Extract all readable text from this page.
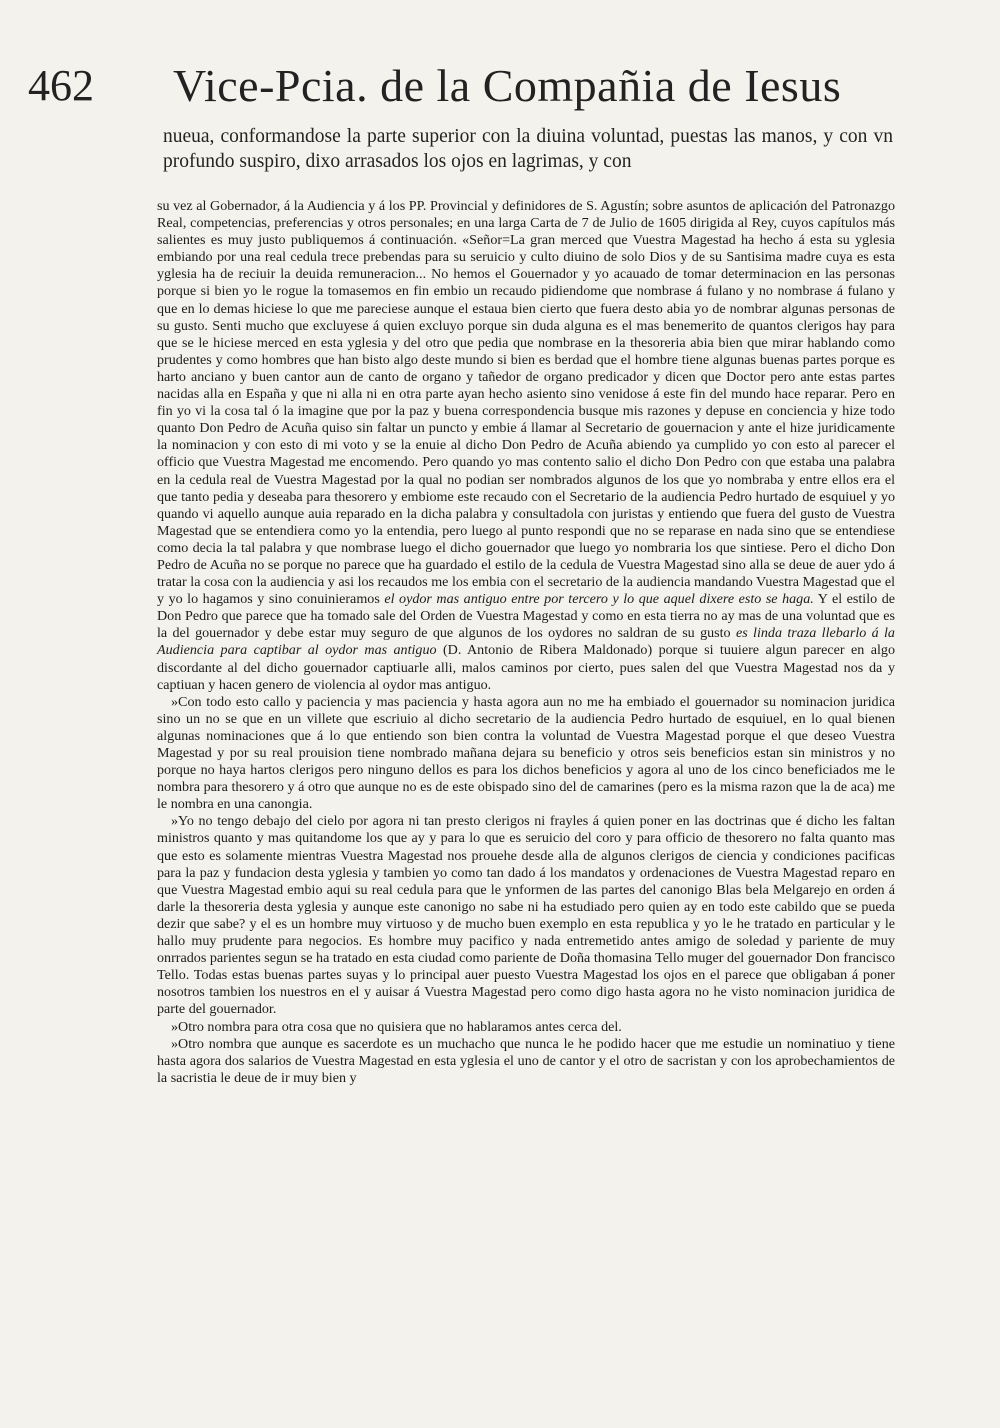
462 Vice-Pcia. de la Compañia de Iesus
nueua, conformandose la parte superior con la diuina voluntad, puestas las manos, y con vn profundo suspiro, dixo arrasados los ojos en lagrimas, y con

su vez al Gobernador, á la Audiencia y á los PP. Provincial y definidores de S. Agustín; sobre asuntos de aplicación del Patronazgo Real, competencias, preferencias y otros personales; en una larga Carta de 7 de Julio de 1605 dirigida al Rey, cuyos capítulos más salientes es muy justo publiquemos á continuación. «Señor=La gran merced que Vuestra Magestad ha hecho á esta su yglesia embiando por una real cedula trece prebendas para su seruicio y culto diuino de solo Dios y de su Santisima madre cuya es esta yglesia ha de reciuir la deuida remuneracion... No hemos el Gouernador y yo acauado de tomar determinacion en las personas porque si bien yo le rogue la tomasemos en fin embio un recaudo pidiendome que nombrase á fulano y no nombrase á fulano y que en lo demas hiciese lo que me pareciese aunque el estaua bien cierto que fuera desto abia yo de nombrar algunas personas de su gusto. Senti mucho que excluyese á quien excluyo porque sin duda alguna es el mas benemerito de quantos clerigos hay para que se le hiciese merced en esta yglesia y del otro que pedia que nombrase en la thesoreria abia bien que mirar hablando como prudentes y como hombres que han bisto algo deste mundo si bien es berdad que el hombre tiene algunas buenas partes porque es harto anciano y buen cantor aun de canto de organo y tañedor de organo predicador y dicen que Doctor pero ante estas partes nacidas alla en España y que ni alla ni en otra parte ayan hecho asiento sino venidose á este fin del mundo hace reparar. Pero en fin yo vi la cosa tal ó la imagine que por la paz y buena correspondencia busque mis razones y depuse en conciencia y hize todo quanto Don Pedro de Acuña quiso sin faltar un puncto y embie á llamar al Secretario de gouernacion y ante el hize juridicamente la nominacion y con esto di mi voto y se la enuie al dicho Don Pedro de Acuña abiendo ya cumplido yo con esto al parecer el officio que Vuestra Magestad me encomendo. Pero quando yo mas contento salio el dicho Don Pedro con que estaba una palabra en la cedula real de Vuestra Magestad por la qual no podian ser nombrados algunos de los que yo nombraba y entre ellos era el que tanto pedia y deseaba para thesorero y embiome este recaudo con el Secretario de la audiencia Pedro hurtado de esquiuel y yo quando vi aquello aunque auia reparado en la dicha palabra y consultadola con juristas y entiendo que fuera del gusto de Vuestra Magestad que se entendiera como yo la entendia, pero luego al punto respondi que no se reparase en nada sino que se entendiese como decia la tal palabra y que nombrase luego el dicho gouernador que luego yo nombraria los que sintiese. Pero el dicho Don Pedro de Acuña no se porque no parece que ha guardado el estilo de la cedula de Vuestra Magestad sino alla se deue de auer ydo á tratar la cosa con la audiencia y asi los recaudos me los embia con el secretario de la audiencia mandando Vuestra Magestad que el y yo lo hagamos y sino conuinieramos el oydor mas antiguo entre por tercero y lo que aquel dixere esto se haga. Y el estilo de Don Pedro que parece que ha tomado sale del Orden de Vuestra Magestad y como en esta tierra no ay mas de una voluntad que es la del gouernador y debe estar muy seguro de que algunos de los oydores no saldran de su gusto es linda traza llebarlo á la Audiencia para captibar al oydor mas antiguo (D. Antonio de Ribera Maldonado) porque si tuuiere algun parecer en algo discordante al del dicho gouernador captiuarle alli, malos caminos por cierto, pues salen del que Vuestra Magestad nos da y captiuan y hacen genero de violencia al oydor mas antiguo.

»Con todo esto callo y paciencia y mas paciencia y hasta agora aun no me ha embiado el gouernador su nominacion juridica sino un no se que en un villete que escriuio al dicho secretario de la audiencia Pedro hurtado de esquiuel, en lo qual bienen algunas nominaciones que á lo que entiendo son bien contra la voluntad de Vuestra Magestad porque el que deseo Vuestra Magestad y por su real prouision tiene nombrado mañana dejara su beneficio y otros seis beneficios estan sin ministros y no porque no haya hartos clerigos pero ninguno dellos es para los dichos beneficios y agora al uno de los cinco beneficiados me le nombra para thesorero y á otro que aunque no es de este obispado sino del de camarines (pero es la misma razon que la de aca) me le nombra en una canongia.

»Yo no tengo debajo del cielo por agora ni tan presto clerigos ni frayles á quien poner en las doctrinas que é dicho les faltan ministros quanto y mas quitandome los que ay y para lo que es seruicio del coro y para officio de thesorero no falta quanto mas que esto es solamente mientras Vuestra Magestad nos prouehe desde alla de algunos clerigos de ciencia y condiciones pacificas para la paz y fundacion desta yglesia y tambien yo como tan dado á los mandatos y ordenaciones de Vuestra Magestad reparo en que Vuestra Magestad embio aqui su real cedula para que le ynformen de las partes del canonigo Blas bela Melgarejo en orden á darle la thesoreria desta yglesia y aunque este canonigo no sabe ni ha estudiado pero quien ay en todo este cabildo que se pueda dezir que sabe? y el es un hombre muy virtuoso y de mucho buen exemplo en esta republica y yo le he tratado en particular y le hallo muy prudente para negocios. Es hombre muy pacifico y nada entremetido antes amigo de soledad y pariente de muy onrrados parientes segun se ha tratado en esta ciudad como pariente de Doña thomasina Tello muger del gouernador Don francisco Tello. Todas estas buenas partes suyas y lo principal auer puesto Vuestra Magestad los ojos en el parece que obligaban á poner nosotros tambien los nuestros en el y auisar á Vuestra Magestad pero como digo hasta agora no he visto nominacion juridica de parte del gouernador.

»Otro nombra para otra cosa que no quisiera que no hablaramos antes cerca del.

»Otro nombra que aunque es sacerdote es un muchacho que nunca le he podido hacer que me estudie un nominatiuo y tiene hasta agora dos salarios de Vuestra Magestad en esta yglesia el uno de cantor y el otro de sacristan y con los aprobechamientos de la sacristia le deue de ir muy bien y
